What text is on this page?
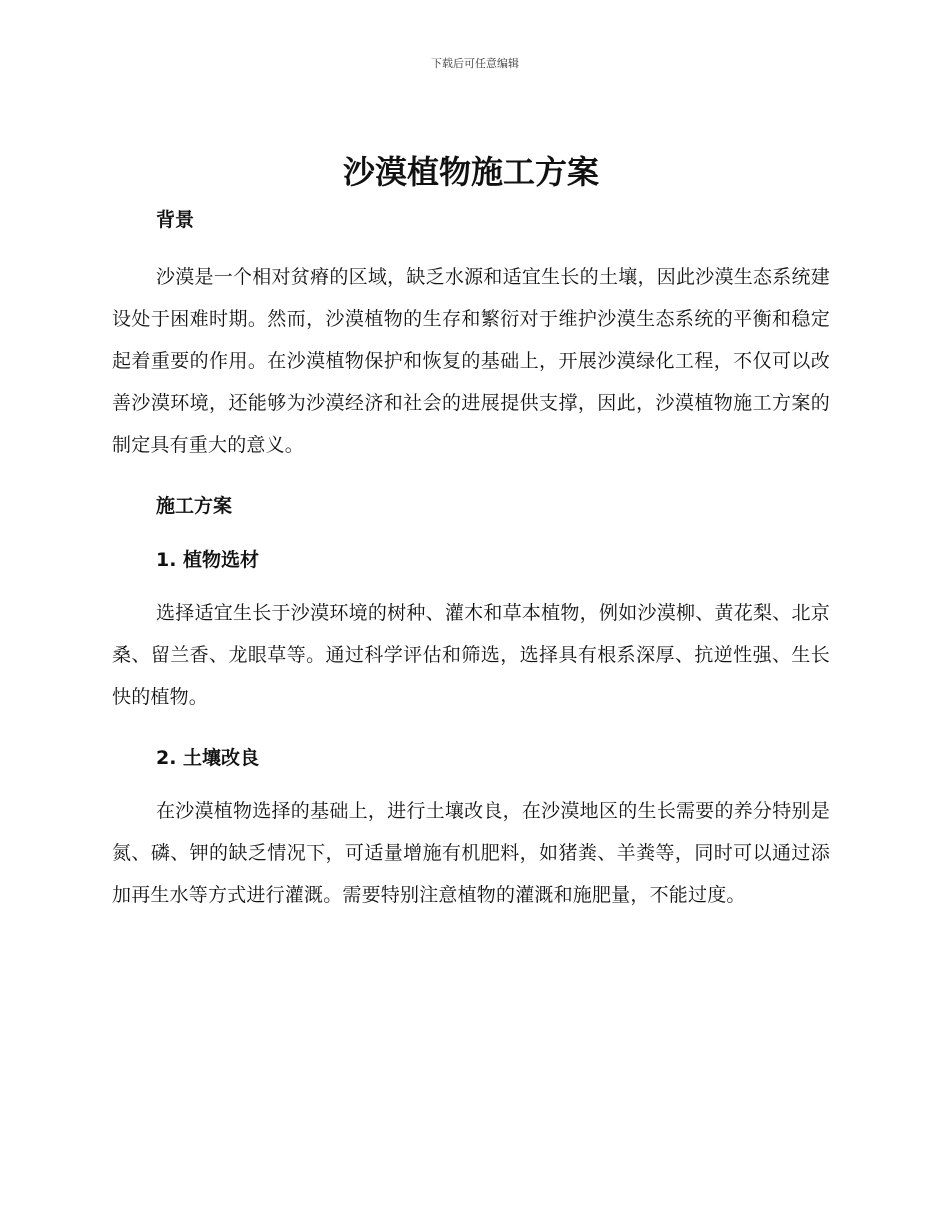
下载后可任意编辑
沙漠植物施工方案
背景

沙漠是一个相对贫瘠的区域，缺乏水源和适宜生长的土壤，因此沙漠生态系统建设处于困难时期。然而，沙漠植物的生存和繁衍对于维护沙漠生态系统的平衡和稳定起着重要的作用。在沙漠植物保护和恢复的基础上，开展沙漠绿化工程，不仅可以改善沙漠环境，还能够为沙漠经济和社会的进展提供支撑，因此，沙漠植物施工方案的制定具有重大的意义。

施工方案
1. 植物选材

选择适宜生长于沙漠环境的树种、灌木和草本植物，例如沙漠柳、黄花梨、北京桑、留兰香、龙眼草等。通过科学评估和筛选，选择具有根系深厚、抗逆性强、生长快的植物。

2. 土壤改良

在沙漠植物选择的基础上，进行土壤改良，在沙漠地区的生长需要的养分特别是氮、磷、钾的缺乏情况下，可适量增施有机肥料，如猪粪、羊粪等，同时可以通过添加再生水等方式进行灌溉。需要特别注意植物的灌溉和施肥量，不能过度。
